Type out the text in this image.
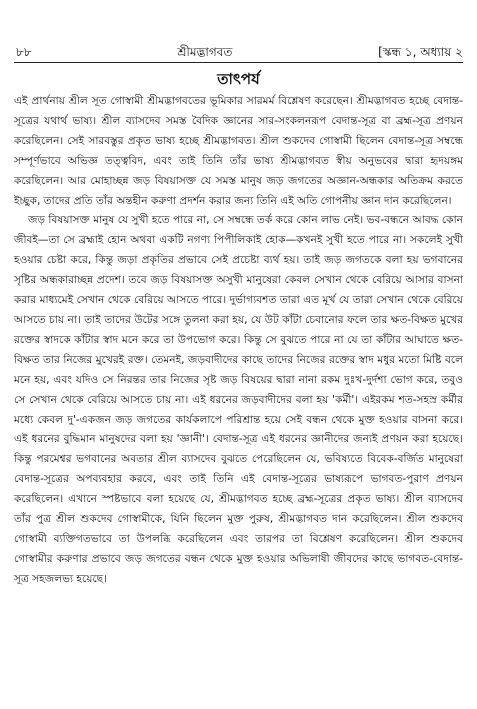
৮৮	শ্রীমদ্ভাগবত	[স্কন্ধ ১, অধ্যায় ২
তাৎপর্য

এই প্রার্থনায় শ্রীল সূত গোস্বামী শ্রীমদ্ভাগবতের ভূমিকার সারমর্ম বিশ্লেষণ করেছেন। শ্রীমদ্ভাগবত হচ্ছে বেদান্ত-সূত্রের যথার্থ ভাষ্য। শ্রীল ব্যাসদেব সমস্ত বৈদিক জ্ঞানের সার-সংকলনরূপ বেদান্ত-সূত্র বা ব্রহ্ম-সূত্র প্রণয়ন করেছিলেন। সেই সারবস্তুর প্রকৃত ভাষ্য হচ্ছে শ্রীমদ্ভাগবত। শ্রীল শুকদেব গোস্বামী ছিলেন বেদান্ত-সূত্র সম্বন্ধে সম্পূর্ণভাবে অভিজ্ঞ তত্ত্ববিদ, এবং তাই তিনি তাঁর ভাষ্য শ্রীমদ্ভাগবত স্বীয় অনুভবের দ্বারা হৃদয়ঙ্গম করেছিলেন। আর মোহাচ্ছন্ন জড় বিষয়াসক্ত যে সমস্ত মানুষ জড় জগতের অজ্ঞান-অন্ধকার অতিক্রম করতে ইচ্ছুক, তাদের প্রতি তাঁর অন্তহীন করুণা প্রদর্শন করার জন্য তিনি এই অতি গোপনীয় জ্ঞান দান করেছিলেন।

জড় বিষয়াসক্ত মানুষ যে সুখী হতে পারে না, সে সম্বন্ধে তর্ক করে কোন লাভ নেই। ভব-বন্ধনে আবদ্ধ কোন জীবই—তা সে ব্রহ্মাই হোন অথবা একটি নগণ্য পিপীলিকাই হোক—কখনই সুখী হতে পারে না। সকলেই সুখী হওয়ার চেষ্টা করে, কিন্তু জড়া প্রকৃতির প্রভাবে সেই প্রচেষ্টা ব্যর্থ হয়। তাই জড় জগতকে বলা হয় ভগবানের সৃষ্টির অন্ধকারাচ্ছন্ন প্রদেশ। তবে জড় বিষয়াসক্ত অসুখী মানুষেরা কেবল সেখান থেকে বেরিয়ে আসার বাসনা করার মাধ্যমেই সেখান থেকে বেরিয়ে আসতে পারে। দুর্ভাগ্যবশত তারা এত মূর্খ যে তারা সেখান থেকে বেরিয়ে আসতে চায় না। তাই তাদের উটের সঙ্গে তুলনা করা হয়, যে উট কাঁটা চেবানোর ফলে তার ক্ষত-বিক্ষত মুখের রক্তের স্বাদকে কাঁটার স্বাদ মনে করে তা উপভোগ করে। কিন্তু সে বুঝতে পারে না যে তা কাঁটার আঘাতে ক্ষত-বিক্ষত তার নিজের মুখেরই রক্ত। তেমনই, জড়বাদীদের কাছে তাদের নিজের রক্তের স্বাদ মধুর মতো মিষ্টি বলে মনে হয়, এবং যদিও সে নিরন্তর তার নিজের সৃষ্ট জড় বিষয়ের দ্বারা নানা রকম দুঃখ-দুর্দশা ভোগ করে, তবুও সে সেখান থেকে বেরিয়ে আসতে চায় না। এই ধরনের জড়বাদীদের বলা হয় 'কর্মী'। এইরকম শত-সহস্র কর্মীর মধ্যে কেবল দু'-একজন জড় জগতের কার্যকলাপে পরিশ্রান্ত হয়ে সেই বন্ধন থেকে মুক্ত হওয়ার বাসনা করে। এই ধরনের বুদ্ধিমান মানুষদের বলা হয় 'জ্ঞানী'। বেদান্ত-সূত্র এই ধরনের জ্ঞানীদের জন্যই প্রণয়ন করা হয়েছে। কিন্তু পরমেশ্বর ভগবানের অবতার শ্রীল ব্যাসদেব বুঝতে পেরেছিলেন যে, ভবিষ্যতে বিবেক-বর্জিত মানুষেরা বেদান্ত-সূত্রের অপব্যবহার করবে, এবং তাই তিনি এই বেদান্ত-সূত্রের ভাষ্যরূপে ভাগবত-পুরাণ প্রণয়ন করেছিলেন। এখানে স্পষ্টভাবে বলা হয়েছে যে, শ্রীমদ্ভাগবত হচ্ছে ব্রহ্ম-সূত্রের প্রকৃত ভাষ্য। শ্রীল ব্যাসদেব তাঁর পুত্র শ্রীল শুকদেব গোস্বামীকে, যিনি ছিলেন মুক্ত পুরুষ, শ্রীমদ্ভাগবত দান করেছিলেন। শ্রীল শুকদেব গোস্বামী ব্যক্তিগতভাবে তা উপলব্ধি করেছিলেন এবং তারপর তা বিশ্লেষণ করেছিলেন। শ্রীল শুকদেব গোস্বামীর করুণার প্রভাবে জড় জগতের বন্ধন থেকে মুক্ত হওয়ার অভিলাষী জীবদের কাছে ভাগবত-বেদান্ত-সূত্র সহজলভ্য হয়েছে।
